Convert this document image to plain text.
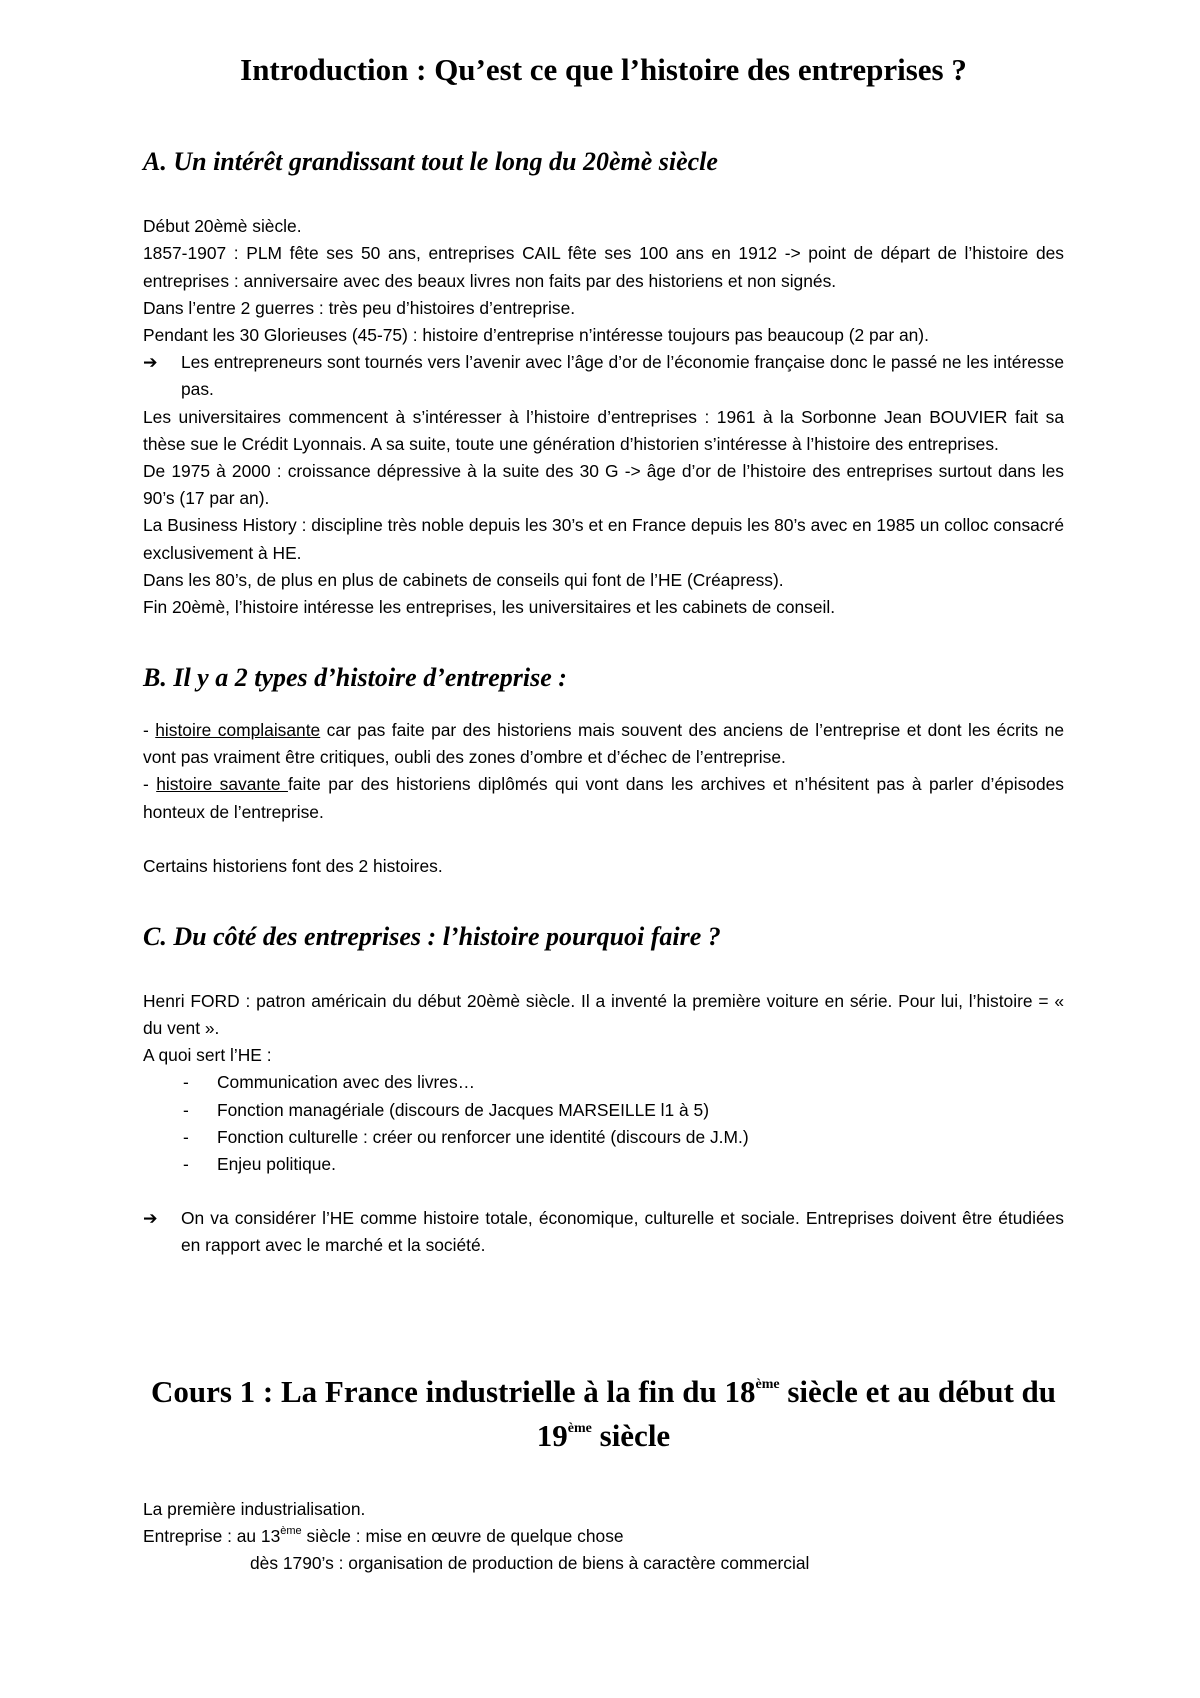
Introduction : Qu’est ce que l’histoire des entreprises ?
A. Un intérêt grandissant tout le long du 20èmè siècle

Début 20èmè siècle.

1857-1907 : PLM fête ses 50 ans, entreprises CAIL fête ses 100 ans en 1912 -> point de départ de l’histoire des entreprises : anniversaire avec des beaux livres non faits par des historiens et non signés.

Dans l’entre 2 guerres : très peu d’histoires d’entreprise.

Pendant les 30 Glorieuses (45-75) : histoire d’entreprise n’intéresse toujours pas beaucoup (2 par an).

➔	Les entrepreneurs sont tournés vers l’avenir avec l’âge d’or de l’économie française donc le passé ne les intéresse pas.

Les universitaires commencent à s’intéresser à l’histoire d’entreprises : 1961 à la Sorbonne Jean BOUVIER fait sa thèse sue le Crédit Lyonnais. A sa suite, toute une génération d’historien s’intéresse à l’histoire des entreprises.

De 1975 à 2000 : croissance dépressive à la suite des 30 G -> âge d’or de l’histoire des entreprises surtout dans les 90’s (17 par an).

La Business History : discipline très noble depuis les 30’s et en France depuis les 80’s avec en 1985 un colloc consacré exclusivement à HE.

Dans les 80’s, de plus en plus de cabinets de conseils qui font de l’HE (Créapress).

Fin 20èmè, l’histoire intéresse les entreprises, les universitaires et les cabinets de conseil.

B. Il y a 2 types d’histoire d’entreprise :

- histoire complaisante car pas faite par des historiens mais souvent des anciens de l’entreprise et dont les écrits ne vont pas vraiment être critiques, oubli des zones d’ombre et d’échec de l’entreprise.

- histoire savante faite par des historiens diplômés qui vont dans les archives et n’hésitent pas à parler d’épisodes honteux de l’entreprise.

Certains historiens font des 2 histoires.

C. Du côté des entreprises : l’histoire pourquoi faire ?

Henri FORD : patron américain du début 20èmè siècle. Il a inventé la première voiture en série. Pour lui, l’histoire = « du vent ».

A quoi sert l’HE :

-	Communication avec des livres…
-	Fonction managériale (discours de Jacques MARSEILLE l1 à 5)
-	Fonction culturelle : créer ou renforcer une identité (discours de J.M.)
-	Enjeu politique.
➔	On va considérer l’HE comme histoire totale, économique, culturelle et sociale. Entreprises doivent être étudiées en rapport avec le marché et la société.
Cours 1 : La France industrielle à la fin du 18ème siècle et au début du 19ème siècle

La première industrialisation.

Entreprise : au 13ème siècle : mise en œuvre de quelque chose

dès 1790’s : organisation de production de biens à caractère commercial
